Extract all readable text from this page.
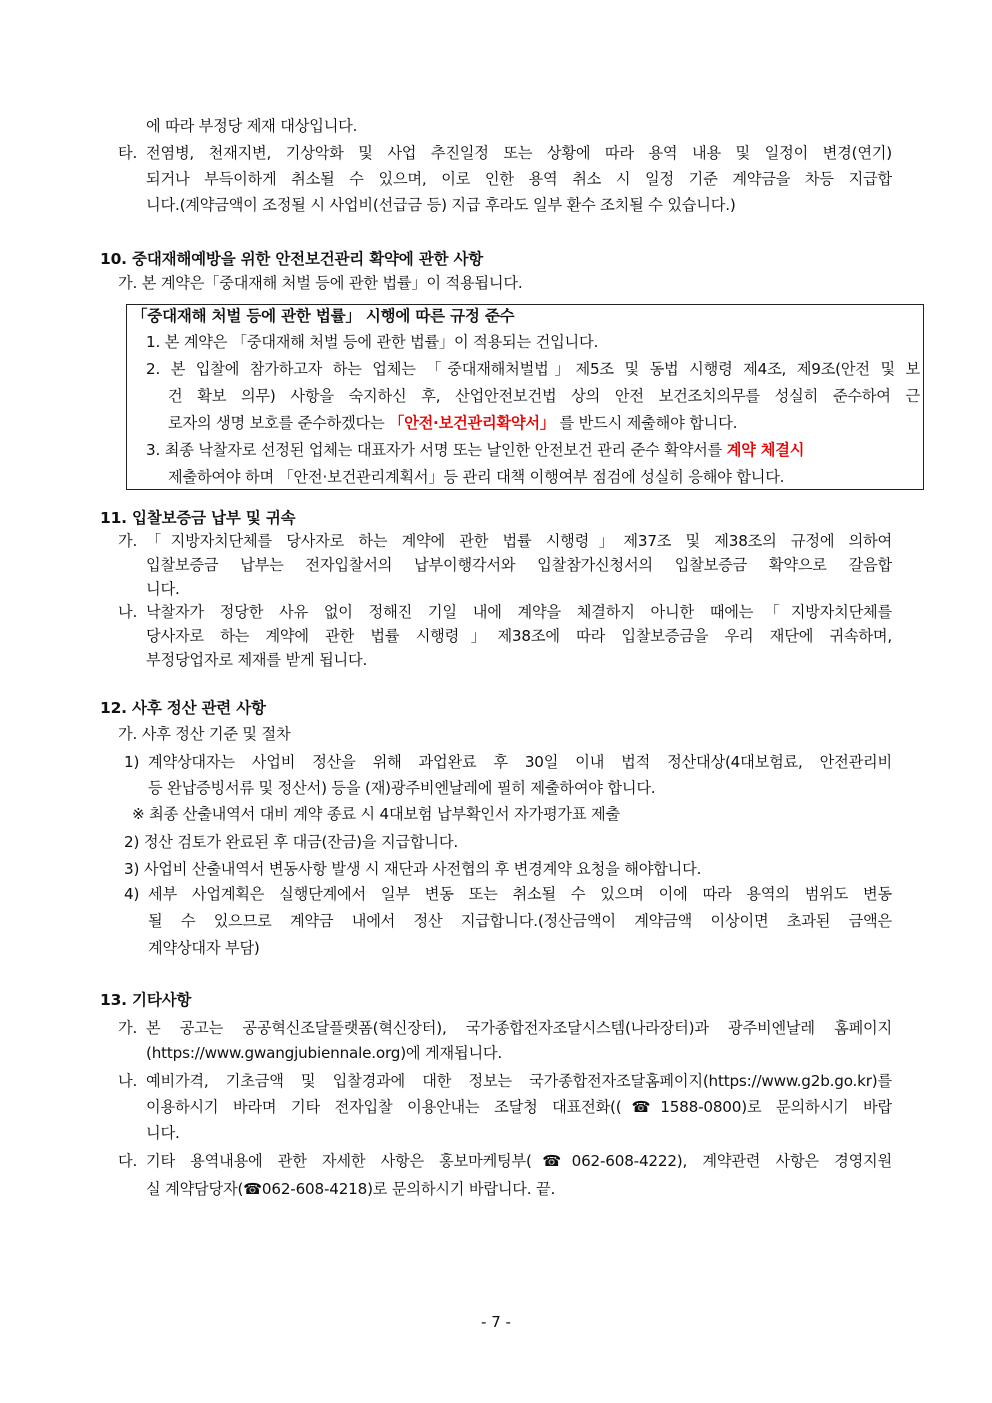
에 따라 부정당 제재 대상입니다.
타. 전염병, 천재지변, 기상악화 및 사업 추진일정 또는 상황에 따라 용역 내용 및 일정이 변경(연기)
되거나 부득이하게 취소될 수 있으며, 이로 인한 용역 취소 시 일정 기준 계약금을 차등 지급합
니다.(계약금액이 조정될 시 사업비(선급금 등) 지급 후라도 일부 환수 조치될 수 있습니다.)
10. 중대재해예방을 위한 안전보건관리 확약에 관한 사항
가. 본 계약은「중대재해 처벌 등에 관한 법률」이 적용됩니다.
「중대재해 처벌 등에 관한 법률」 시행에 따른 규정 준수
1. 본 계약은 「중대재해 처벌 등에 관한 법률」이 적용되는 건입니다.
2. 본 입찰에 참가하고자 하는 업체는 「중대재해처벌법」제5조 및 동법 시행령 제4조, 제9조(안전 및 보
건 확보 의무) 사항을 숙지하신 후, 산업안전보건법 상의 안전 보건조치의무를 성실히 준수하여 근
로자의 생명 보호를 준수하겠다는 「안전·보건관리확약서」 를 반드시 제출해야 합니다.
3. 최종 낙찰자로 선정된 업체는 대표자가 서명 또는 날인한 안전보건 관리 준수 확약서를 계약 체결시
제출하여야 하며 「안전·보건관리계획서」등 관리 대책 이행여부 점검에 성실히 응해야 합니다.
11. 입찰보증금 납부 및 귀속
가. 「지방자치단체를 당사자로 하는 계약에 관한 법률 시행령」제37조 및 제38조의 규정에 의하여
입찰보증금 납부는 전자입찰서의 납부이행각서와 입찰참가신청서의 입찰보증금 확약으로 갈음합
니다.
나. 낙찰자가 정당한 사유 없이 정해진 기일 내에 계약을 체결하지 아니한 때에는「지방자치단체를
당사자로 하는 계약에 관한 법률 시행령」제38조에 따라 입찰보증금을 우리 재단에 귀속하며,
부정당업자로 제재를 받게 됩니다.
12. 사후 정산 관련 사항
가. 사후 정산 기준 및 절차
1) 계약상대자는 사업비 정산을 위해 과업완료 후 30일 이내 법적 정산대상(4대보험료, 안전관리비
등 완납증빙서류 및 정산서) 등을 (재)광주비엔날레에 필히 제출하여야 합니다.
※ 최종 산출내역서 대비 계약 종료 시 4대보험 납부확인서 자가평가표 제출
2) 정산 검토가 완료된 후 대금(잔금)을 지급합니다.
3) 사업비 산출내역서 변동사항 발생 시 재단과 사전협의 후 변경계약 요청을 해야합니다.
4) 세부 사업계획은 실행단계에서 일부 변동 또는 취소될 수 있으며 이에 따라 용역의 범위도 변동
될 수 있으므로 계약금 내에서 정산 지급합니다.(정산금액이 계약금액 이상이면 초과된 금액은
계약상대자 부담)
13. 기타사항
가. 본 공고는 공공혁신조달플랫폼(혁신장터), 국가종합전자조달시스템(나라장터)과 광주비엔날레 홈페이지
(https://www.gwangjubiennale.org)에 게재됩니다.
나. 예비가격, 기초금액 및 입찰경과에 대한 정보는 국가종합전자조달홈페이지(https://www.g2b.go.kr)를
이용하시기 바라며 기타 전자입찰 이용안내는 조달청 대표전화((☎1588-0800)로 문의하시기 바랍
니다.
다. 기타 용역내용에 관한 자세한 사항은 홍보마케팅부(☎062-608-4222), 계약관련 사항은 경영지원
실 계약담당자(☎062-608-4218)로 문의하시기 바랍니다. 끝.
- 7 -
